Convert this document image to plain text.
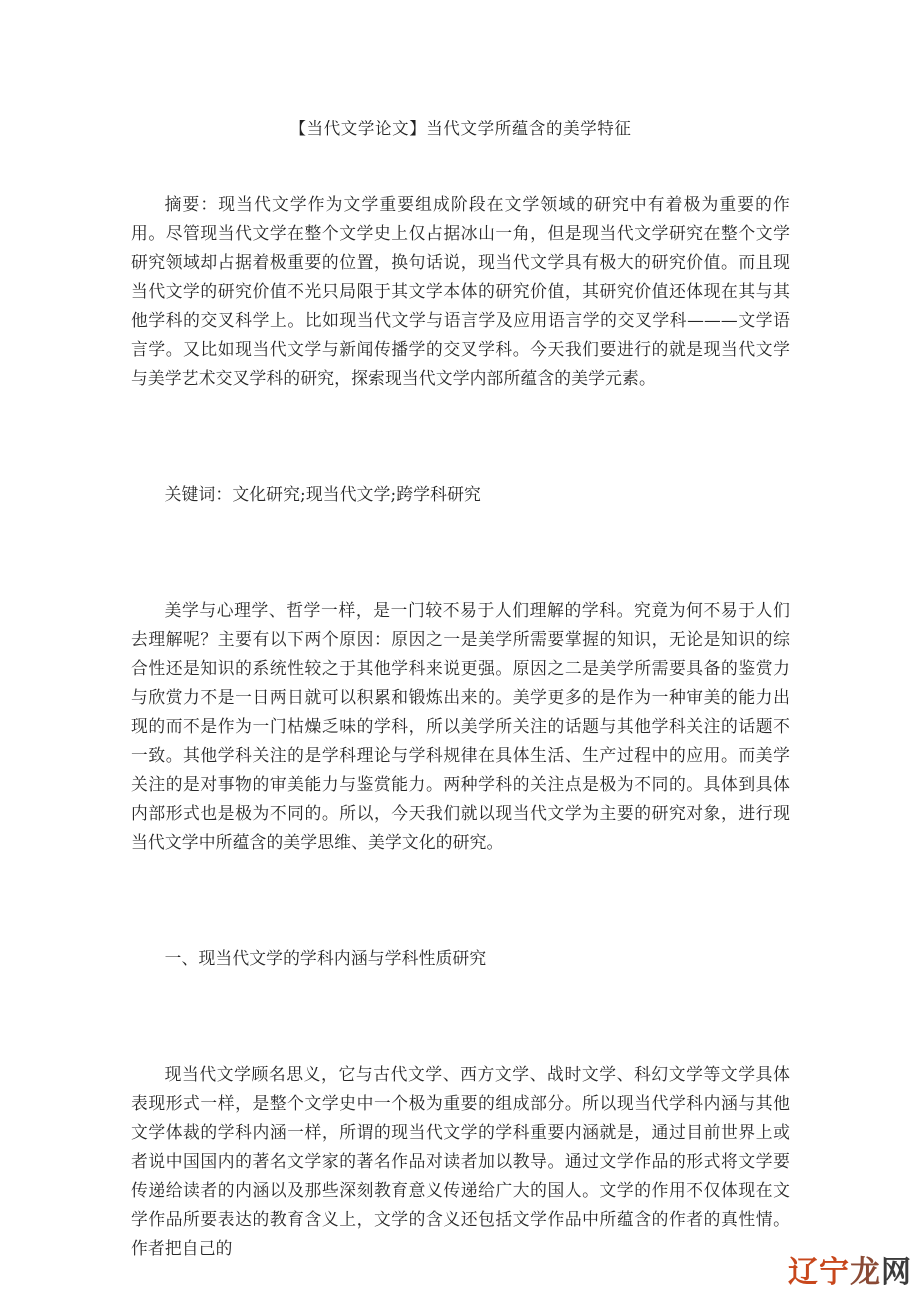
【当代文学论文】当代文学所蕴含的美学特征

摘要：现当代文学作为文学重要组成阶段在文学领域的研究中有着极为重要的作用。尽管现当代文学在整个文学史上仅占据冰山一角，但是现当代文学研究在整个文学研究领域却占据着极重要的位置，换句话说，现当代文学具有极大的研究价值。而且现当代文学的研究价值不光只局限于其文学本体的研究价值，其研究价值还体现在其与其他学科的交叉科学上。比如现当代文学与语言学及应用语言学的交叉学科———文学语言学。又比如现当代文学与新闻传播学的交叉学科。今天我们要进行的就是现当代文学与美学艺术交叉学科的研究，探索现当代文学内部所蕴含的美学元素。

关键词：文化研究;现当代文学;跨学科研究

美学与心理学、哲学一样，是一门较不易于人们理解的学科。究竟为何不易于人们去理解呢？主要有以下两个原因：原因之一是美学所需要掌握的知识，无论是知识的综合性还是知识的系统性较之于其他学科来说更强。原因之二是美学所需要具备的鉴赏力与欣赏力不是一日两日就可以积累和锻炼出来的。美学更多的是作为一种审美的能力出现的而不是作为一门枯燥乏味的学科，所以美学所关注的话题与其他学科关注的话题不一致。其他学科关注的是学科理论与学科规律在具体生活、生产过程中的应用。而美学关注的是对事物的审美能力与鉴赏能力。两种学科的关注点是极为不同的。具体到具体内部形式也是极为不同的。所以，今天我们就以现当代文学为主要的研究对象，进行现当代文学中所蕴含的美学思维、美学文化的研究。

一、现当代文学的学科内涵与学科性质研究

现当代文学顾名思义，它与古代文学、西方文学、战时文学、科幻文学等文学具体表现形式一样，是整个文学史中一个极为重要的组成部分。所以现当代学科内涵与其他文学体裁的学科内涵一样，所谓的现当代文学的学科重要内涵就是，通过目前世界上或者说中国国内的著名文学家的著名作品对读者加以教导。通过文学作品的形式将文学要传递给读者的内涵以及那些深刻教育意义传递给广大的国人。文学的作用不仅体现在文学作品所要表达的教育含义上，文学的含义还包括文学作品中所蕴含的作者的真性情。作者把自己的

辽宁龙网
